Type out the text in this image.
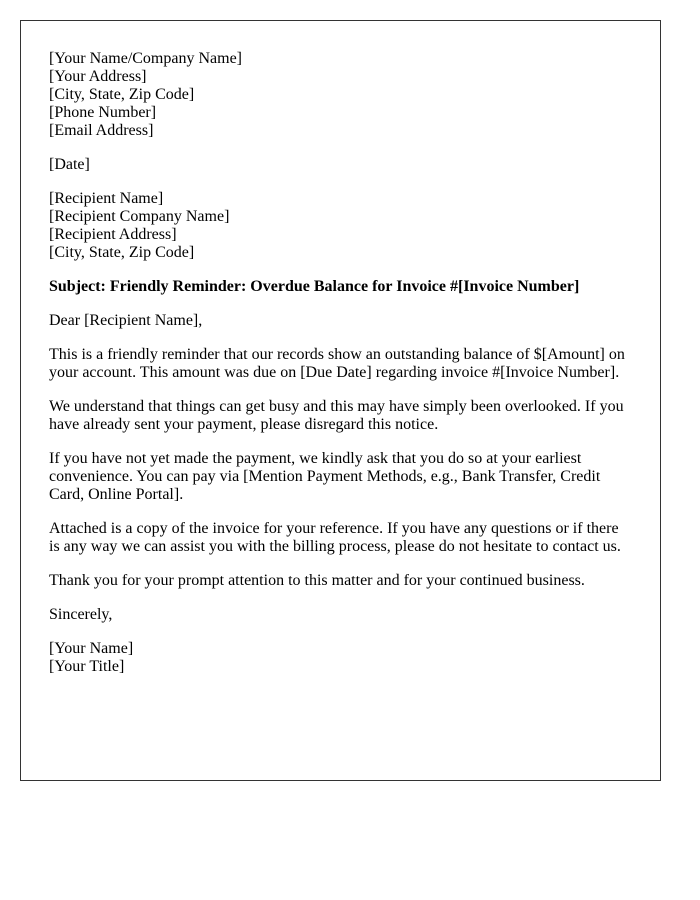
[Your Name/Company Name]
[Your Address]
[City, State, Zip Code]
[Phone Number]
[Email Address]
[Date]
[Recipient Name]
[Recipient Company Name]
[Recipient Address]
[City, State, Zip Code]
Subject: Friendly Reminder: Overdue Balance for Invoice #[Invoice Number]
Dear [Recipient Name],

This is a friendly reminder that our records show an outstanding balance of $[Amount] on your account. This amount was due on [Due Date] regarding invoice #[Invoice Number].

We understand that things can get busy and this may have simply been overlooked. If you have already sent your payment, please disregard this notice.

If you have not yet made the payment, we kindly ask that you do so at your earliest convenience. You can pay via [Mention Payment Methods, e.g., Bank Transfer, Credit Card, Online Portal].

Attached is a copy of the invoice for your reference. If you have any questions or if there is any way we can assist you with the billing process, please do not hesitate to contact us.

Thank you for your prompt attention to this matter and for your continued business.

Sincerely,
[Your Name]
[Your Title]
